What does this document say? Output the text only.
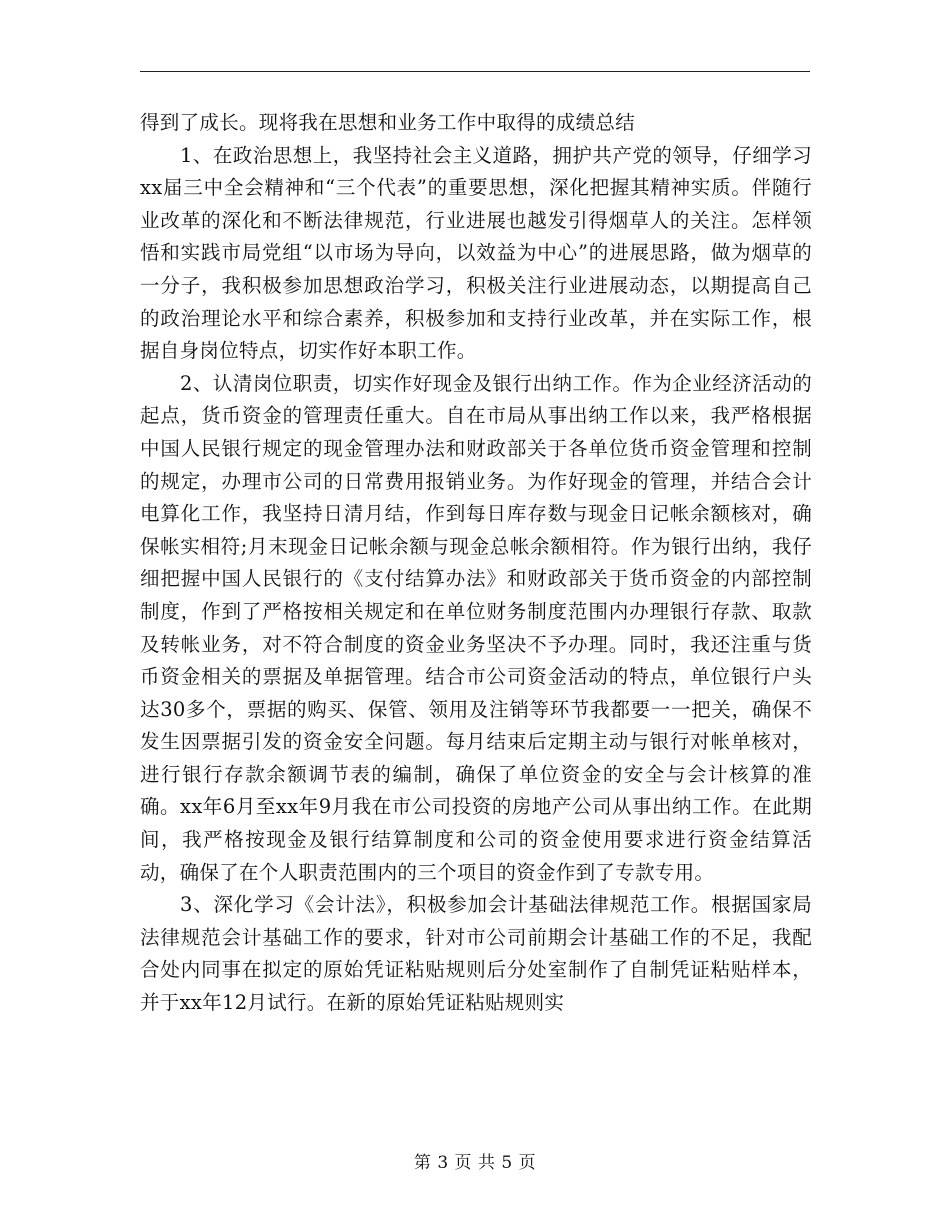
得到了成长。现将我在思想和业务工作中取得的成绩总结

1、在政治思想上，我坚持社会主义道路，拥护共产党的领导，仔细学习xx届三中全会精神和“三个代表”的重要思想，深化把握其精神实质。伴随行业改革的深化和不断法律规范，行业进展也越发引得烟草人的关注。怎样领悟和实践市局党组“以市场为导向，以效益为中心”的进展思路，做为烟草的一分子，我积极参加思想政治学习，积极关注行业进展动态，以期提高自己的政治理论水平和综合素养，积极参加和支持行业改革，并在实际工作，根据自身岗位特点，切实作好本职工作。

2、认清岗位职责，切实作好现金及银行出纳工作。作为企业经济活动的起点，货币资金的管理责任重大。自在市局从事出纳工作以来，我严格根据中国人民银行规定的现金管理办法和财政部关于各单位货币资金管理和控制的规定，办理市公司的日常费用报销业务。为作好现金的管理，并结合会计电算化工作，我坚持日清月结，作到每日库存数与现金日记帐余额核对，确保帐实相符;月末现金日记帐余额与现金总帐余额相符。作为银行出纳，我仔细把握中国人民银行的《支付结算办法》和财政部关于货币资金的内部控制制度，作到了严格按相关规定和在单位财务制度范围内办理银行存款、取款及转帐业务，对不符合制度的资金业务坚决不予办理。同时，我还注重与货币资金相关的票据及单据管理。结合市公司资金活动的特点，单位银行户头达30多个，票据的购买、保管、领用及注销等环节我都要一一把关，确保不发生因票据引发的资金安全问题。每月结束后定期主动与银行对帐单核对，进行银行存款余额调节表的编制，确保了单位资金的安全与会计核算的准确。xx年6月至xx年9月我在市公司投资的房地产公司从事出纳工作。在此期间，我严格按现金及银行结算制度和公司的资金使用要求进行资金结算活动，确保了在个人职责范围内的三个项目的资金作到了专款专用。

3、深化学习《会计法》，积极参加会计基础法律规范工作。根据国家局法律规范会计基础工作的要求，针对市公司前期会计基础工作的不足，我配合处内同事在拟定的原始凭证粘贴规则后分处室制作了自制凭证粘贴样本，并于xx年12月试行。在新的原始凭证粘贴规则实

第 3 页 共 5 页
